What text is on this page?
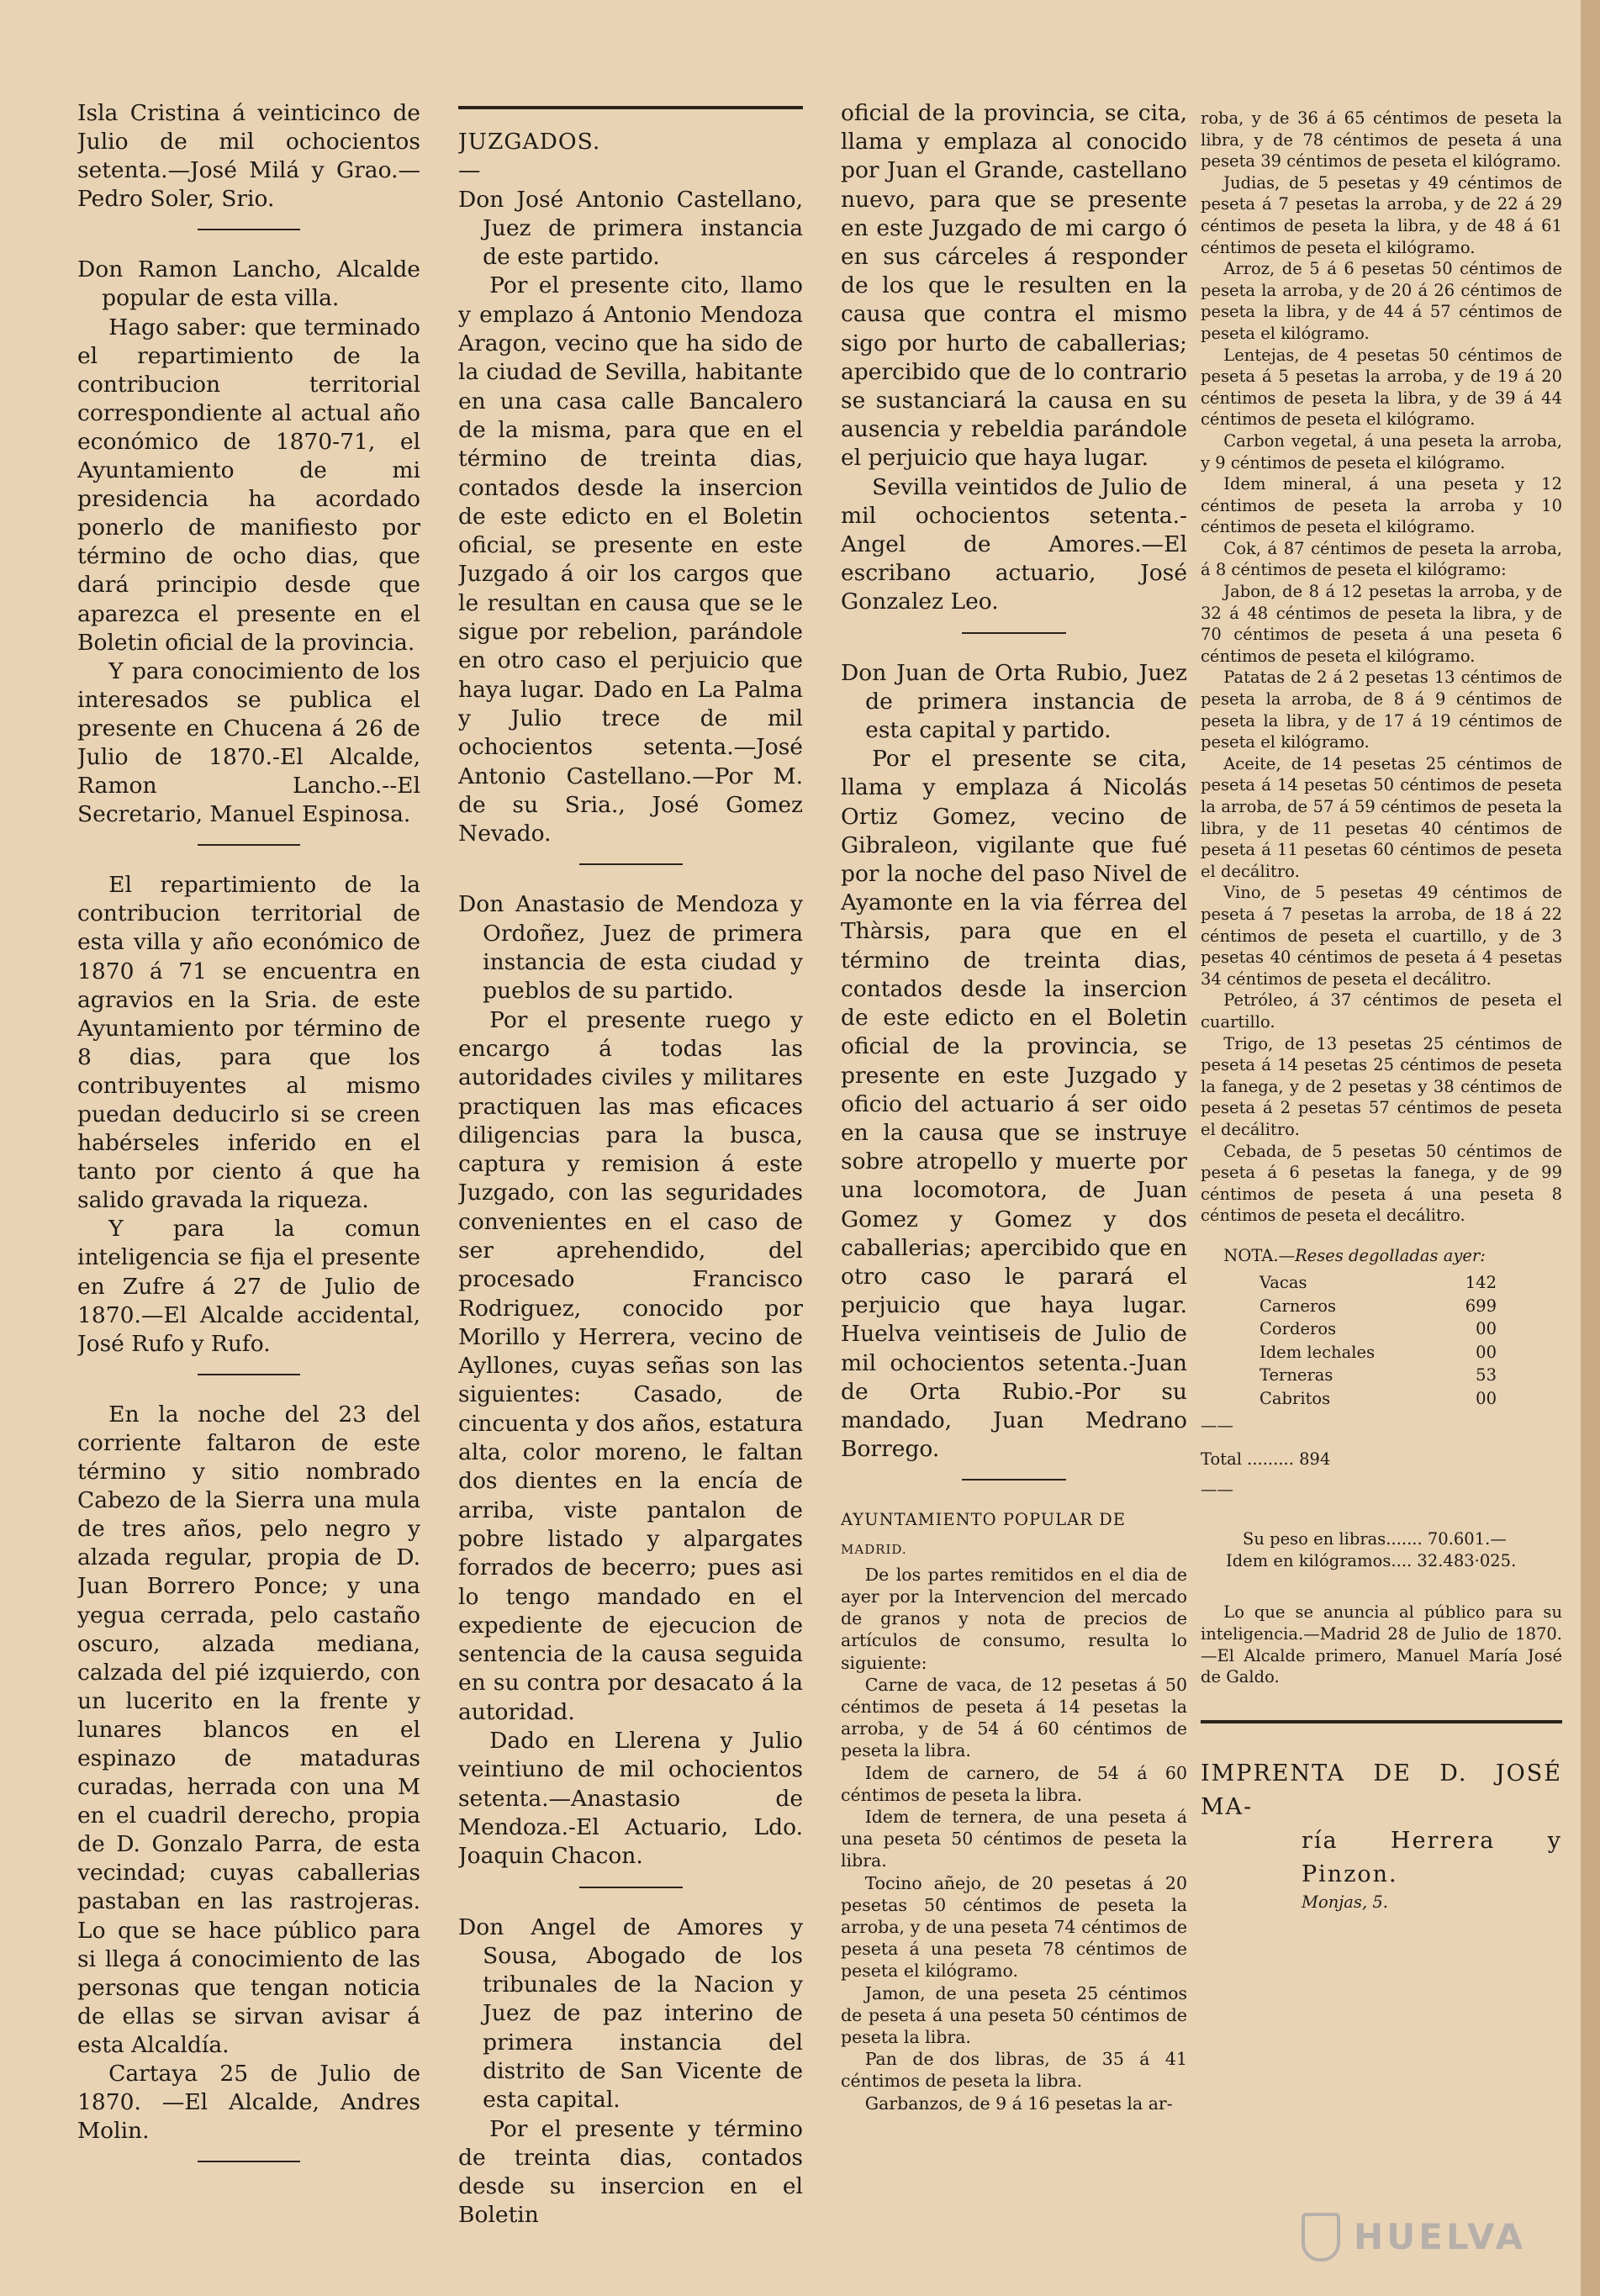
Isla Cristina á veinticinco de Julio de mil ochocientos setenta.—José Milá y Grao.—Pedro Soler, Srio.

Don Ramon Lancho, Alcalde popular de esta villa.

Hago saber: que terminado el repartimiento de la contribucion territorial correspondiente al actual año económico de 1870-71, el Ayuntamiento de mi presidencia ha acordado ponerlo de manifiesto por término de ocho dias, que dará principio desde que aparezca el presente en el Boletin oficial de la provincia.

Y para conocimiento de los interesados se publica el presente en Chucena á 26 de Julio de 1870.-El Alcalde, Ramon Lancho.--El Secretario, Manuel Espinosa.

El repartimiento de la contribucion territorial de esta villa y año económico de 1870 á 71 se encuentra en agravios en la Sria. de este Ayuntamiento por término de 8 dias, para que los contribuyentes al mismo puedan deducirlo si se creen habérseles inferido en el tanto por ciento á que ha salido gravada la riqueza.

Y para la comun inteligencia se fija el presente en Zufre á 27 de Julio de 1870.—El Alcalde accidental, José Rufo y Rufo.

En la noche del 23 del corriente faltaron de este término y sitio nombrado Cabezo de la Sierra una mula de tres años, pelo negro y alzada regular, propia de D. Juan Borrero Ponce; y una yegua cerrada, pelo castaño oscuro, alzada mediana, calzada del pié izquierdo, con un lucerito en la frente y lunares blancos en el espinazo de mataduras curadas, herrada con una M en el cuadril derecho, propia de D. Gonzalo Parra, de esta vecindad; cuyas caballerias pastaban en las rastrojeras. Lo que se hace público para si llega á conocimiento de las personas que tengan noticia de ellas se sirvan avisar á esta Alcaldía.

Cartaya 25 de Julio de 1870. —El Alcalde, Andres Molin.

JUZGADOS.

—

Don José Antonio Castellano, Juez de primera instancia de este partido.

Por el presente cito, llamo y emplazo á Antonio Mendoza Aragon, vecino que ha sido de la ciudad de Sevilla, habitante en una casa calle Bancalero de la misma, para que en el término de treinta dias, contados desde la insercion de este edicto en el Boletin oficial, se presente en este Juzgado á oir los cargos que le resultan en causa que se le sigue por rebelion, parándole en otro caso el perjuicio que haya lugar. Dado en La Palma y Julio trece de mil ochocientos setenta.—José Antonio Castellano.—Por M. de su Sria., José Gomez Nevado.

Don Anastasio de Mendoza y Ordoñez, Juez de primera instancia de esta ciudad y pueblos de su partido.

Por el presente ruego y encargo á todas las autoridades civiles y militares practiquen las mas eficaces diligencias para la busca, captura y remision á este Juzgado, con las seguridades convenientes en el caso de ser aprehendido, del procesado Francisco Rodriguez, conocido por Morillo y Herrera, vecino de Ayllones, cuyas señas son las siguientes: Casado, de cincuenta y dos años, estatura alta, color moreno, le faltan dos dientes en la encía de arriba, viste pantalon de pobre listado y alpargates forrados de becerro; pues asi lo tengo mandado en el expediente de ejecucion de sentencia de la causa seguida en su contra por desacato á la autoridad.

Dado en Llerena y Julio veintiuno de mil ochocientos setenta.—Anastasio de Mendoza.-El Actuario, Ldo. Joaquin Chacon.

Don Angel de Amores y Sousa, Abogado de los tribunales de la Nacion y Juez de paz interino de primera instancia del distrito de San Vicente de esta capital.

Por el presente y término de treinta dias, contados desde su insercion en el Boletin

oficial de la provincia, se cita, llama y emplaza al conocido por Juan el Grande, castellano nuevo, para que se presente en este Juzgado de mi cargo ó en sus cárceles á responder de los que le resulten en la causa que contra el mismo sigo por hurto de caballerias; apercibido que de lo contrario se sustanciará la causa en su ausencia y rebeldia parándole el perjuicio que haya lugar.

Sevilla veintidos de Julio de mil ochocientos setenta.-Angel de Amores.—El escribano actuario, José Gonzalez Leo.

Don Juan de Orta Rubio, Juez de primera instancia de esta capital y partido.

Por el presente se cita, llama y emplaza á Nicolás Ortiz Gomez, vecino de Gibraleon, vigilante que fué por la noche del paso Nivel de Ayamonte en la via férrea del Thàrsis, para que en el término de treinta dias, contados desde la insercion de este edicto en el Boletin oficial de la provincia, se presente en este Juzgado y oficio del actuario á ser oido en la causa que se instruye sobre atropello y muerte por una locomotora, de Juan Gomez y Gomez y dos caballerias; apercibido que en otro caso le parará el perjuicio que haya lugar. Huelva veintiseis de Julio de mil ochocientos setenta.-Juan de Orta Rubio.-Por su mandado, Juan Medrano Borrego.

AYUNTAMIENTO POPULAR DE

MADRID.

De los partes remitidos en el dia de ayer por la Intervencion del mercado de granos y nota de precios de artículos de consumo, resulta lo siguiente:

Carne de vaca, de 12 pesetas á 50 céntimos de peseta á 14 pesetas la arroba, y de 54 á 60 céntimos de peseta la libra.

Idem de carnero, de 54 á 60 céntimos de peseta la libra.

Idem de ternera, de una peseta á una peseta 50 céntimos de peseta la libra.

Tocino añejo, de 20 pesetas á 20 pesetas 50 céntimos de peseta la arroba, y de una peseta 74 céntimos de peseta á una peseta 78 céntimos de peseta el kilógramo.

Jamon, de una peseta 25 céntimos de peseta á una peseta 50 céntimos de peseta la libra.

Pan de dos libras, de 35 á 41 céntimos de peseta la libra.

Garbanzos, de 9 á 16 pesetas la ar-

roba, y de 36 á 65 céntimos de peseta la libra, y de 78 céntimos de peseta á una peseta 39 céntimos de peseta el kilógramo.

Judias, de 5 pesetas y 49 céntimos de peseta á 7 pesetas la arroba, y de 22 á 29 céntimos de peseta la libra, y de 48 á 61 céntimos de peseta el kilógramo.

Arroz, de 5 á 6 pesetas 50 céntimos de peseta la arroba, y de 20 á 26 céntimos de peseta la libra, y de 44 á 57 céntimos de peseta el kilógramo.

Lentejas, de 4 pesetas 50 céntimos de peseta á 5 pesetas la arroba, y de 19 á 20 céntimos de peseta la libra, y de 39 á 44 céntimos de peseta el kilógramo.

Carbon vegetal, á una peseta la arroba, y 9 céntimos de peseta el kilógramo.

Idem mineral, á una peseta y 12 céntimos de peseta la arroba y 10 céntimos de peseta el kilógramo.

Cok, á 87 céntimos de peseta la arroba, á 8 céntimos de peseta el kilógramo:

Jabon, de 8 á 12 pesetas la arroba, y de 32 á 48 céntimos de peseta la libra, y de 70 céntimos de peseta á una peseta 6 céntimos de peseta el kilógramo.

Patatas de 2 á 2 pesetas 13 céntimos de peseta la arroba, de 8 á 9 céntimos de peseta la libra, y de 17 á 19 céntimos de peseta el kilógramo.

Aceite, de 14 pesetas 25 céntimos de peseta á 14 pesetas 50 céntimos de peseta la arroba, de 57 á 59 céntimos de peseta la libra, y de 11 pesetas 40 céntimos de peseta á 11 pesetas 60 céntimos de peseta el decálitro.

Vino, de 5 pesetas 49 céntimos de peseta á 7 pesetas la arroba, de 18 á 22 céntimos de peseta el cuartillo, y de 3 pesetas 40 céntimos de peseta á 4 pesetas 34 céntimos de peseta el decálitro.

Petróleo, á 37 céntimos de peseta el cuartillo.

Trigo, de 13 pesetas 25 céntimos de peseta á 14 pesetas 25 céntimos de peseta la fanega, y de 2 pesetas y 38 céntimos de peseta á 2 pesetas 57 céntimos de peseta el decálitro.

Cebada, de 5 pesetas 50 céntimos de peseta á 6 pesetas la fanega, y de 99 céntimos de peseta á una peseta 8 céntimos de peseta el decálitro.

NOTA.—Reses degolladas ayer:

Vacas	142
Carneros	699
Corderos	00
Idem lechales	00
Terneras	53
Cabritos	00

——

Total ......... 894

——

Su peso en libras....... 70.601.—

Idem en kilógramos.... 32.483·025.

Lo que se anuncia al público para su inteligencia.—Madrid 28 de Julio de 1870.—El Alcalde primero, Manuel María José de Galdo.

IMPRENTA DE D. JOSÉ MA-

ría Herrera y Pinzon.

Monjas, 5.

HUELVA
